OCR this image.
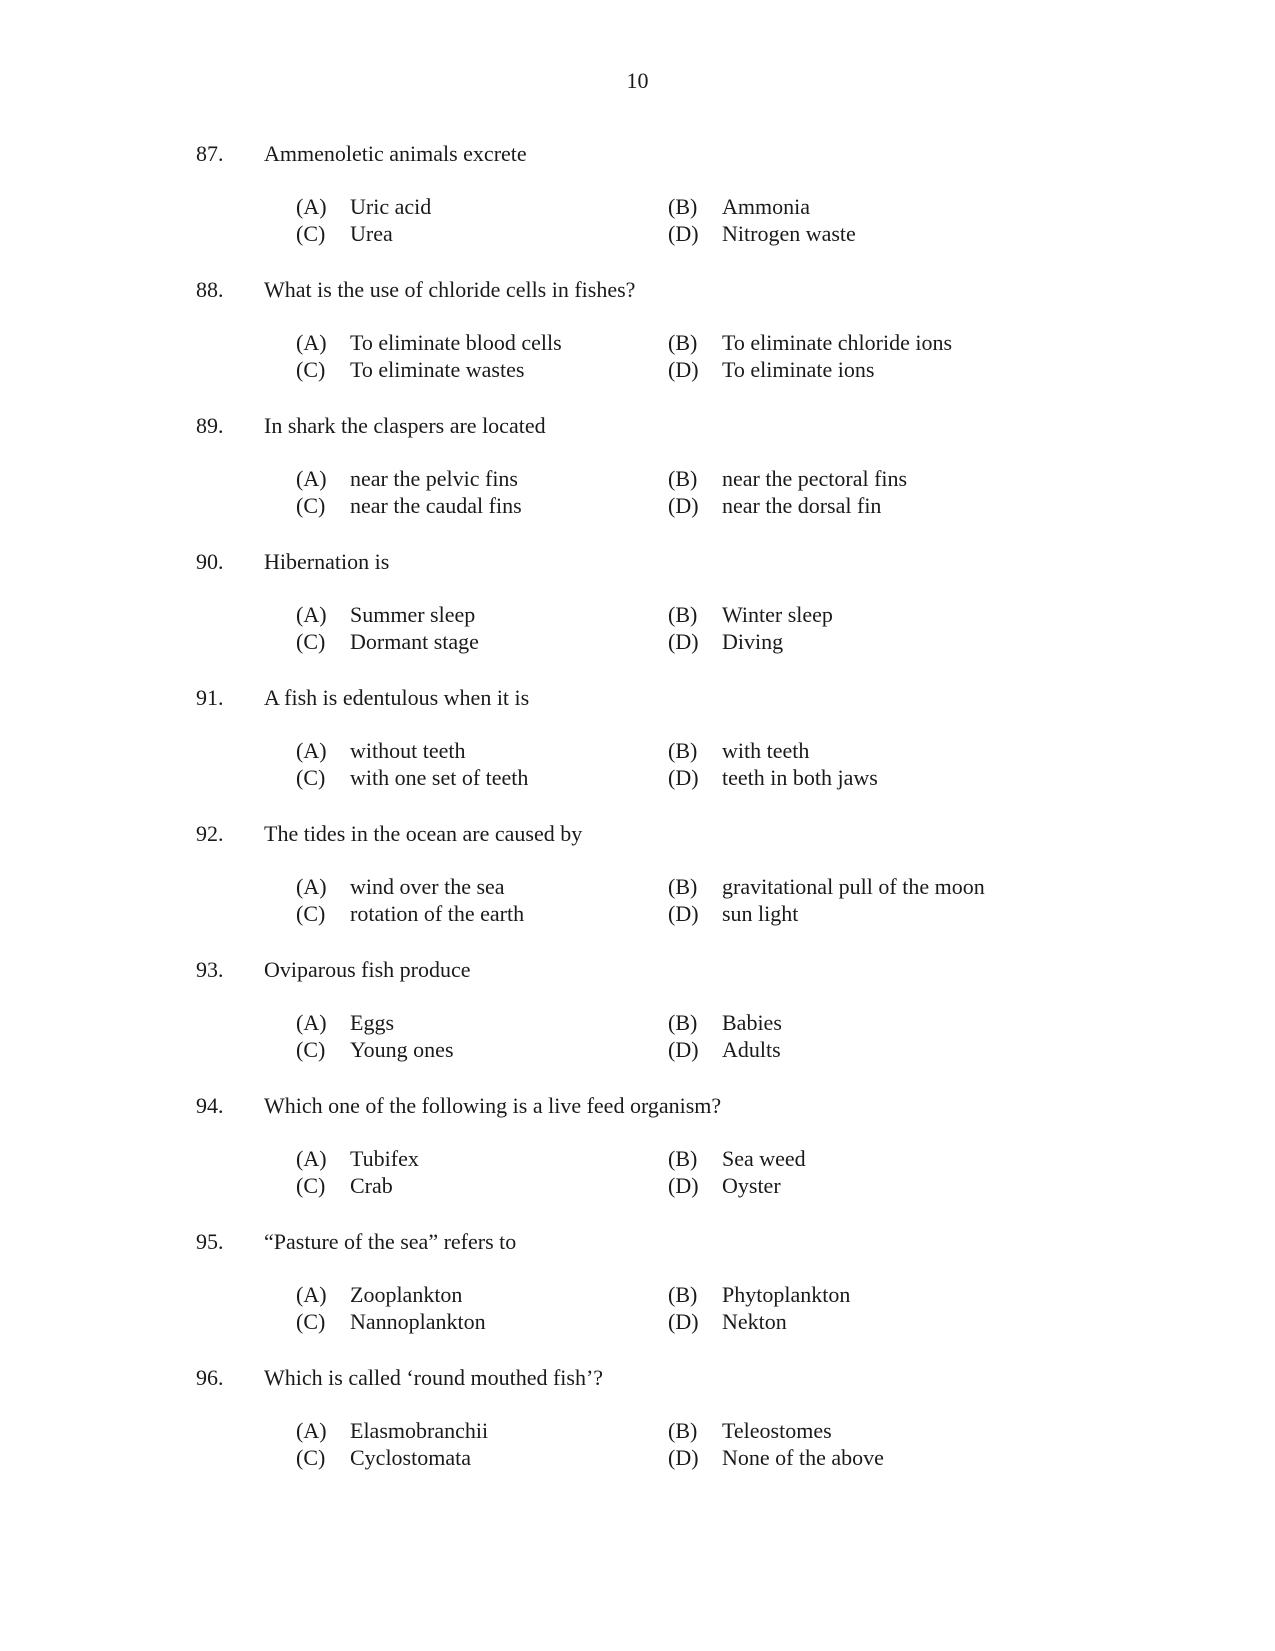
10
87. Ammenoletic animals excrete
(A) Uric acid	(B) Ammonia
(C) Urea	(D) Nitrogen waste
88. What is the use of chloride cells in fishes?
(A) To eliminate blood cells	(B) To eliminate chloride ions
(C) To eliminate wastes	(D) To eliminate ions
89. In shark the claspers are located
(A) near the pelvic fins	(B) near the pectoral fins
(C) near the caudal fins	(D) near the dorsal fin
90. Hibernation is
(A) Summer sleep	(B) Winter sleep
(C) Dormant stage	(D) Diving
91. A fish is edentulous when it is
(A) without teeth	(B) with teeth
(C) with one set of teeth	(D) teeth in both jaws
92. The tides in the ocean are caused by
(A) wind over the sea	(B) gravitational pull of the moon
(C) rotation of the earth	(D) sun light
93. Oviparous fish produce
(A) Eggs	(B) Babies
(C) Young ones	(D) Adults
94. Which one of the following is a live feed organism?
(A) Tubifex	(B) Sea weed
(C) Crab	(D) Oyster
95. “Pasture of the sea” refers to
(A) Zooplankton	(B) Phytoplankton
(C) Nannoplankton	(D) Nekton
96. Which is called ‘round mouthed fish’?
(A) Elasmobranchii	(B) Teleostomes
(C) Cyclostomata	(D) None of the above
